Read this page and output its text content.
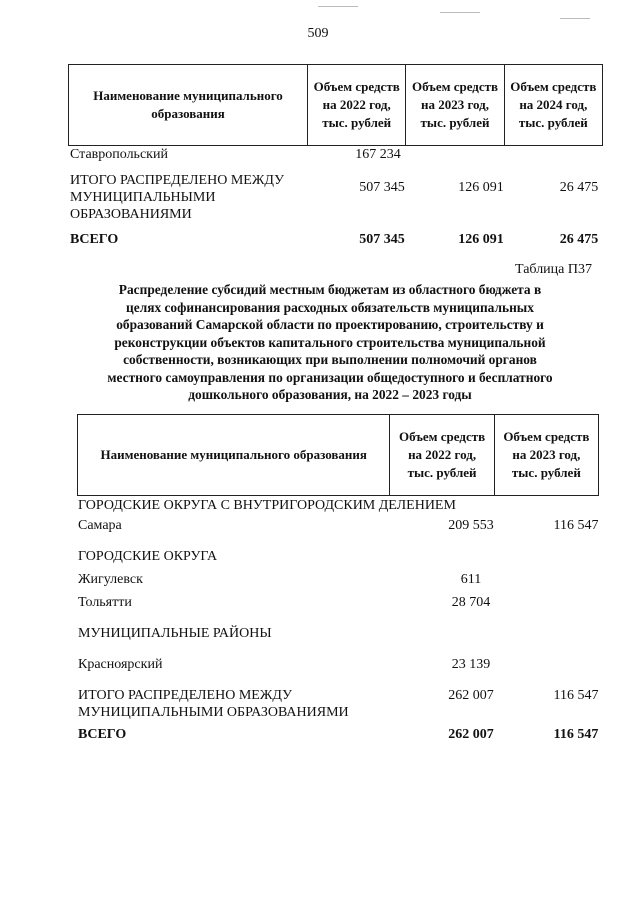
509
Наименование муниципального образования	Объем средств на 2022 год, тыс. рублей	Объем средств на 2023 год, тыс. рублей	Объем средств на 2024 год, тыс. рублей
Ставропольский	167 234
ИТОГО РАСПРЕДЕЛЕНО МЕЖДУ
МУНИЦИПАЛЬНЫМИ
ОБРАЗОВАНИЯМИ
507 345	126 091	26 475
ВСЕГО	507 345	126 091	26 475
Таблица П37
Распределение субсидий местным бюджетам из областного бюджета в
целях софинансирования расходных обязательств муниципальных
образований Самарской области по проектированию, строительству и
реконструкции объектов капитального строительства муниципальной
собственности, возникающих при выполнении полномочий органов
местного самоуправления по организации общедоступного и бесплатного
дошкольного образования, на 2022 – 2023 годы
Наименование муниципального образования	Объем средств на 2022 год, тыс. рублей	Объем средств на 2023 год, тыс. рублей
ГОРОДСКИЕ ОКРУГА С ВНУТРИГОРОДСКИМ ДЕЛЕНИЕМ
Самара	209 553	116 547
ГОРОДСКИЕ ОКРУГА
Жигулевск	611
Тольятти	28 704
МУНИЦИПАЛЬНЫЕ РАЙОНЫ
Красноярский	23 139
ИТОГО РАСПРЕДЕЛЕНО МЕЖДУ
МУНИЦИПАЛЬНЫМИ ОБРАЗОВАНИЯМИ
262 007	116 547
ВСЕГО	262 007	116 547
